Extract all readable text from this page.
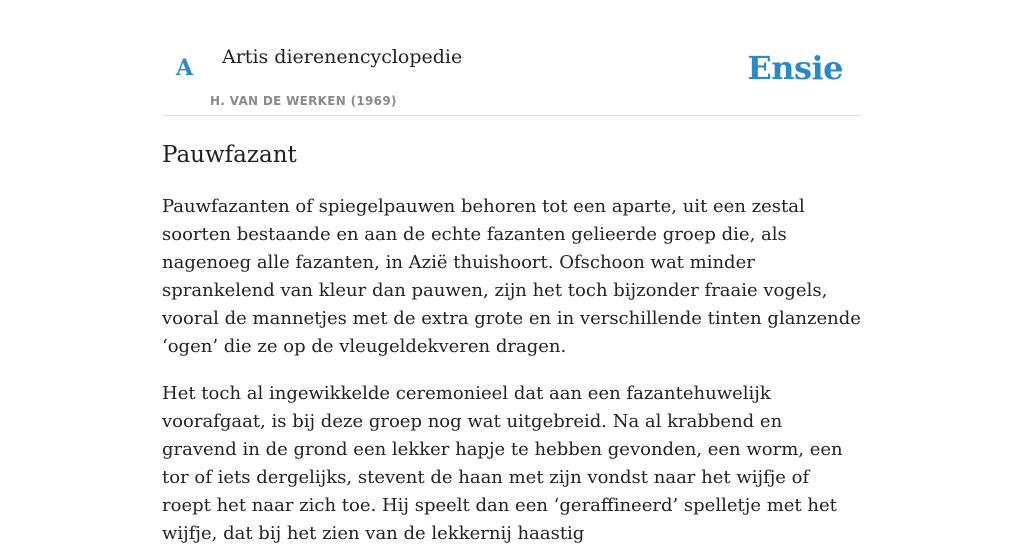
A Artis dierenencyclopedie
H. VAN DE WERKEN (1969)
Ensie
Pauwfazant

Pauwfazanten of spiegelpauwen behoren tot een aparte, uit een zestal soorten bestaande en aan de echte fazanten gelieerde groep die, als nagenoeg alle fazanten, in Azië thuishoort. Ofschoon wat minder sprankelend van kleur dan pauwen, zijn het toch bijzonder fraaie vogels, vooral de mannetjes met de extra grote en in verschillende tinten glanzende ‘ogen’ die ze op de vleugeldekveren dragen.

Het toch al ingewikkelde ceremonieel dat aan een fazantehuwelijk voorafgaat, is bij deze groep nog wat uitgebreid. Na al krabbend en gravend in de grond een lekker hapje te hebben gevonden, een worm, een tor of iets dergelijks, stevent de haan met zijn vondst naar het wijfje of roept het naar zich toe. Hij speelt dan een ‘geraffineerd’ spelletje met het wijfje, dat bij het zien van de lekkernij haastig
